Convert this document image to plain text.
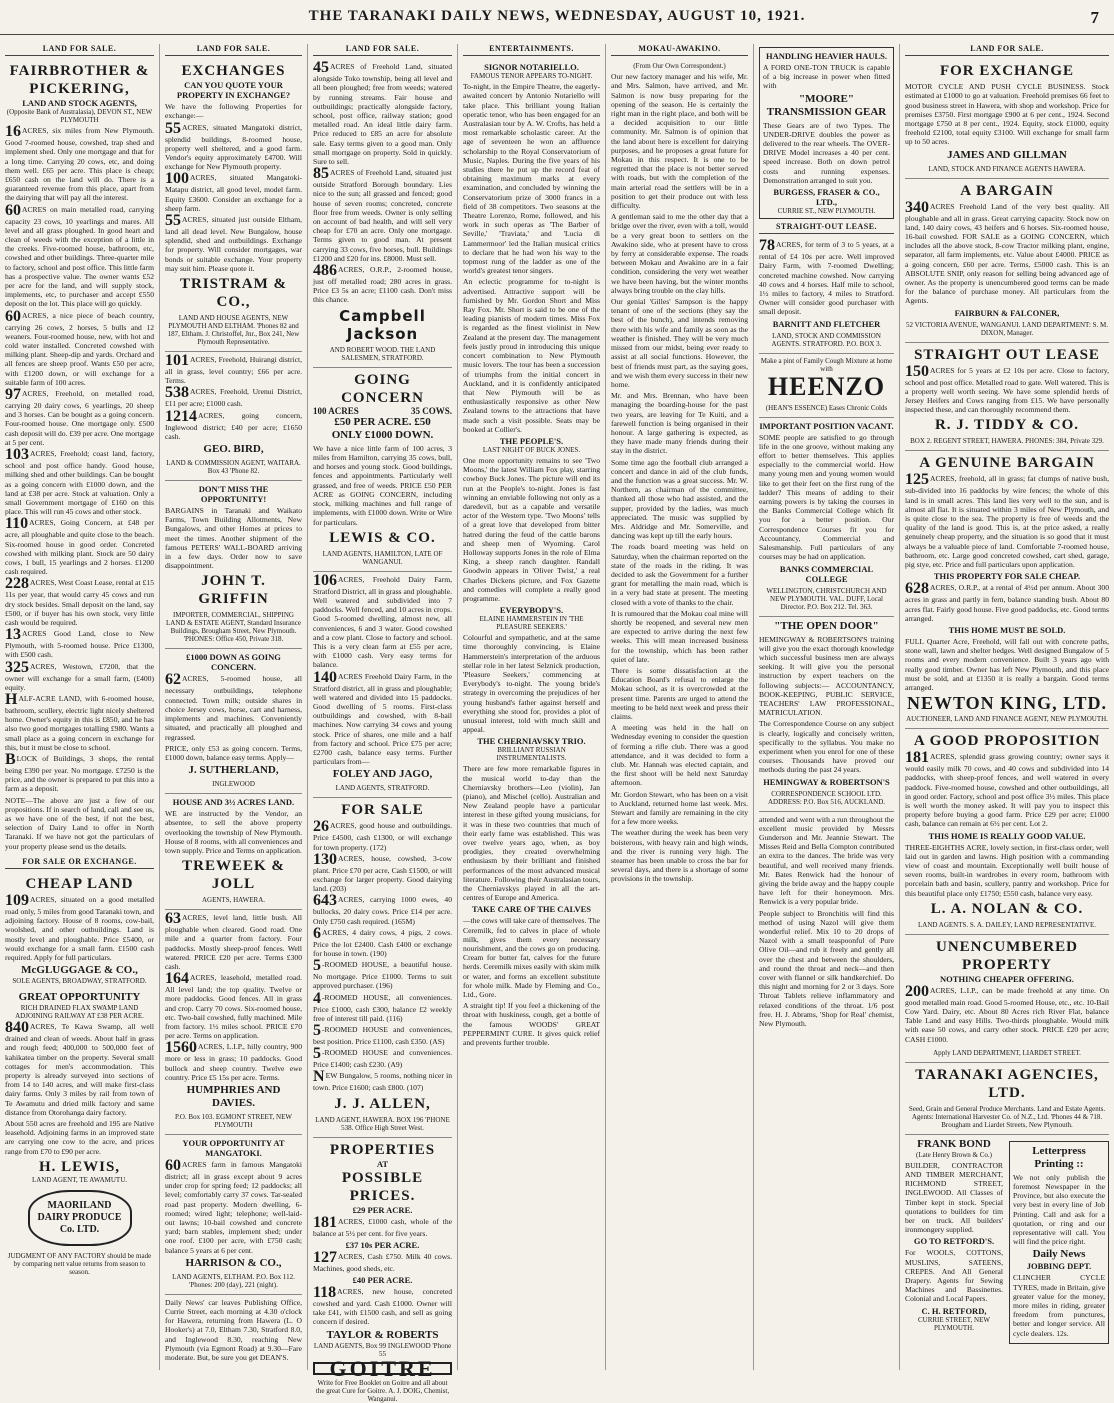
THE TARANAKI DAILY NEWS, WEDNESDAY, AUGUST 10, 1921.	7
LAND FOR SALE.
FAIRBROTHER & PICKERING,
LAND AND STOCK AGENTS,
(Opposite Bank of Australasia), DEVON ST., NEW PLYMOUTH
16ACRES, six miles from New Plymouth. Good 7-roomed house, cowshed, trap shed and implement shed. Only one mortgage and that for a long time. Carrying 20 cows, etc, and doing them well. £65 per acre. This place is cheap; £650 cash on the land will do. There is a guaranteed revenue from this place, apart from the dairying that will pay all the interest.
60ACRES on main metalled road, carrying capacity 23 cows, 10 yearlings and mares. All level and all grass ploughed. In good heart and clean of weeds with the exception of a little in the creeks. Five-roomed house, bathroom, etc, cowshed and other buildings. Three-quarter mile to factory, school and post office. This little farm has a prospective value. The owner wants £52 per acre for the land, and will supply stock, implements, etc, to purchaser and accept £550 deposit on the lot. This place will go quickly.
60ACRES, a nice piece of beach country, carrying 26 cows, 2 horses, 5 bulls and 12 weaners. Four-roomed house, new, with hot and cold water installed. Concreted cowshed with milking plant. Sheep-dip and yards. Orchard and all fences are sheep proof. Wants £50 per acre, with £1200 down, or will exchange for a suitable farm of 100 acres.
97ACRES, Freehold, on metalled road, carrying 20 dairy cows, 6 yearlings, 20 sheep and 3 horses. Can be bought as a going concern. Four-roomed house. One mortgage only. £500 cash deposit will do. £39 per acre. One mortgage at 5 per cent.
103ACRES, Freehold; coast land, factory, school and post office handy. Good house, milking shed and other buildings. Can be bought as a going concern with £1000 down, and the land at £38 per acre. Stock at valuation. Only a small Government mortgage of £160 on this place. This will run 45 cows and other stock.
110ACRES, Going Concern, at £48 per acre, all ploughable and quite close to the beach. Six-roomed house in good order. Concreted cowshed with milking plant. Stock are 50 dairy cows, 1 bull, 15 yearlings and 2 horses. £1200 cash required.
228ACRES, West Coast Lease, rental at £15 11s per year, that would carry 45 cows and run dry stock besides. Small deposit on the land, say £500, or if buyer has his own stock, very little cash would be required.
13ACRES Good Land, close to New Plymouth, with 5-roomed house. Price £1300, with £500 cash.
325ACRES, Westown, £7200, that the owner will exchange for a small farm, (£400) equity.
HALF-ACRE LAND, with 6-roomed house, bathroom, scullery, electric light nicely sheltered home. Owner's equity in this is £850, and he has also two good mortgages totalling £980. Wants a small place as a going concern in exchange for this, but it must be close to school.
BLOCK of Buildings, 3 shops, the rental being £390 per year. No mortgage. £7250 is the price, and the owner is prepared to put this into a farm as a deposit.
NOTE—The above are just a few of our propositions. If in search of land, call and see us, as we have one of the best, if not the best, selection of Dairy Land to offer in North Taranaki. If we have not got the particulars of your property please send us the details.
FOR SALE OR EXCHANGE.
CHEAP LAND
109ACRES, situated on a good metalled road only, 5 miles from good Taranaki town, and adjoining factory. House of 8 rooms, cow-bail, woolshed, and other outbuildings. Land is mostly level and ploughable. Price £5400, or would exchange for a small farm. £1500 cash required. Apply for full particulars.
McGLUGGAGE & CO.,
SOLE AGENTS, BROADWAY, STRATFORD.
GREAT OPPORTUNITY
RICH DRAINED FLAX SWAMP LAND ADJOINING RAILWAY AT £38 PER ACRE.
840ACRES, Te Kawa Swamp, all well drained and clean of weeds. About half in grass and rough feed; 400,000 to 500,000 feet of kahikatea timber on the property. Several small cottages for men's accommodation. This property is already surveyed into sections of from 14 to 140 acres, and will make first-class dairy farms. Only 3 miles by rail from town of Te Awamutu and dried milk factory and same distance from Otorohanga dairy factory.
About 550 acres are freehold and 195 are Native leasehold. Adjoining farms in an improved state are carrying one cow to the acre, and prices range from £70 to £90 per acre.
H. LEWIS,
LAND AGENT, TE AWAMUTU.
MAORILAND DAIRY PRODUCE Co. LTD.
JUDGMENT OF ANY FACTORY should be made by comparing nett value returns from season to season.
LAND FOR SALE.
EXCHANGES
CAN YOU QUOTE YOUR PROPERTY IN EXCHANGE?
We have the following Properties for exchange:—
55ACRES, situated Mangatoki district, splendid buildings, 8-roomed house, property well sheltered, and a good farm. Vendor's equity approximately £4700. Will exchange for New Plymouth property.
100ACRES, situated Mangatoki-Matapu district, all good level, model farm. Equity £3600. Consider an exchange for a sheep farm.
55ACRES, situated just outside Eltham, land all dead level. New Bungalow, house splendid, shed and outbuildings. Exchange for property. Will consider mortgages, war bonds or suitable exchange. Your property may suit him. Please quote it.
TRISTRAM & CO.,
LAND AND HOUSE AGENTS, NEW PLYMOUTH AND ELTHAM. 'Phones 82 and 187, Eltham. J. Christoffel, Jnr., Box 241, New Plymouth Representative.
101ACRES, Freehold, Huirangi district, all in grass, level country; £66 per acre. Terms.
538ACRES, Freehold, Urenui District, £11 per acre; £1000 cash.
1214ACRES, going concern, Inglewood district; £40 per acre; £1650 cash.
GEO. BIRD,
LAND & COMMISSION AGENT, WAITARA. Box 43 'Phone 82.
DON'T MISS THE OPPORTUNITY!
BARGAINS in Taranaki and Waikato Farms, Town Building Allotments, New Bungalows, and other Homes at prices to meet the times. Another shipment of the famous PETERS' WALL-BOARD arriving in a few days. Order now to save disappointment.
JOHN T. GRIFFIN
IMPORTER, COMMERCIAL, SHIPPING LAND & ESTATE AGENT, Standard Insurance Buildings, Brougham Street, New Plymouth. 'PHONES: Office 450, Private 318.
£1000 DOWN AS GOING CONCERN.
62ACRES, 5-roomed house, all necessary outbuildings, telephone connected. Town milk; outside shares in choice Jersey cows, horse, cart and harness, implements and machines. Conveniently situated, and practically all ploughed and regrassed.
PRICE, only £53 as going concern. Terms, £1000 down, balance easy terms. Apply—
J. SUTHERLAND,
INGLEWOOD
HOUSE AND 3½ ACRES LAND.
WE are instructed by the Vendor, an absentee, to sell the above property overlooking the township of New Plymouth. House of 8 rooms, with all conveniences and town supply. Price and Terms on application.
TREWEEK & JOLL
AGENTS, HAWERA.
63ACRES, level land, little bush. All ploughable when cleared. Good road. One mile and a quarter from factory. Four paddocks. Mostly sheep-proof fences. Well watered. PRICE £20 per acre. Terms £300 cash.
164ACRES, leasehold, metalled road. All level land; the top quality. Twelve or more paddocks. Good fences. All in grass and crop. Carry 70 cows. Six-roomed house, etc. Two-bail cowshed, fully machined. Mile from factory. 1½ miles school. PRICE £70 per acre. Terms on application.
1560ACRES, L.I.P., hilly country, 900 more or less in grass; 10 paddocks. Good bullock and sheep country. Twelve ewe country. Price £5 15s per acre. Terms.
HUMPHRIES AND DAVIES.
P.O. Box 103. EGMONT STREET, NEW PLYMOUTH
YOUR OPPORTUNITY AT MANGATOKI.
60ACRES farm in famous Mangatoki district; all in grass except about 9 acres under crop for spring feed; 12 paddocks; all level; comfortably carry 37 cows. Tar-sealed road past property. Modern dwelling, 6-roomed; wired light; telephone; well-laid-out lawns; 10-bail cowshed and concrete yard; barn stables, implement shed; under one roof. £100 per acre, with £750 cash; balance 5 years at 6 per cent.
HARRISON & CO.,
LAND AGENTS, ELTHAM. P.O. Box 112. 'Phones: 200 (day), 221 (night).
Daily News' car leaves Publishing Office, Currie Street, each morning at 4.30 o'clock for Hawera, returning from Hawera (L. O Hooker's) at 7.0, Eltham 7.30, Stratford 8.0, and Inglewood 8.30, reaching New Plymouth (via Egmont Road) at 9.30—Fare moderate. But, be sure you get DEAN'S.
LAND FOR SALE.
45ACRES of Freehold Land, situated alongside Toko township, being all level and all been ploughed; free from weeds; watered by running streams. Fair house and outbuildings; practically alongside factory, school, post office, railway station; good metalled road. An ideal little dairy farm. Price reduced to £85 an acre for absolute sale. Easy terms given to a good man. Only small mortgage on property. Sold in quickly. Sure to sell.
85ACRES of Freehold Land, situated just outside Stratford Borough boundary. Lies nice to the sun; all grassed and fenced; good house of seven rooms; concreted, concrete floor free from weeds. Owner is only selling on account of bad health, and will sell very cheap for £70 an acre. Only one mortgage. Terms given to good man. At present carrying 33 cows, five horses, bull. Buildings £1200 and £20 for ins. £8000. Must sell.
486ACRES, O.R.P., 2-roomed house, just off metalled road; 280 acres in grass. Price £3 5s an acre; £1100 cash. Don't miss this chance.
Campbell Jackson
AND ROBERT WOOD. THE LAND SALESMEN, STRATFORD.
GOING CONCERN
100 ACRES	35 COWS.
£50 PER ACRE. £50
ONLY £1000 DOWN.
We have a nice little farm of 100 acres, 3 miles from Hamilton, carrying 35 cows, bull, and horses and young stock. Good buildings, fences and appointments. Particularly well grassed, and free of weeds. PRICE £50 PER ACRE as GOING CONCERN, including stock, milking machines and full range of implements, with £1000 down. Write or Wire for particulars.
LEWIS & CO.
LAND AGENTS, HAMILTON, LATE OF WANGANUI.
106ACRES, Freehold Dairy Farm, Stratford District, all in grass and ploughable. Well watered and subdivided into 7 paddocks. Well fenced, and 10 acres in crops. Good 5-roomed dwelling, almost new, all conveniences, 6 and 3 water. Good cowshed and a cow plant. Close to factory and school. This is a very clean farm at £55 per acre, with £1000 cash. Very easy terms for balance.
140ACRES Freehold Dairy Farm, in the Stratford district, all in grass and ploughable; well watered and divided into 15 paddocks. Good dwelling of 5 rooms. First-class outbuildings and cowshed, with 8-bail machines. Now carrying 34 cows and young stock. Price of shares, one mile and a half from factory and school. Price £75 per acre; £2700 cash, balance easy terms. Further particulars from—
FOLEY AND JAGO,
LAND AGENTS, STRATFORD.
FOR SALE
26ACRES, good house and outbuildings. Price £4500, cash £1300, or will exchange for town property. (172)
130ACRES, house, cowshed, 3-cow plant. Price £70 per acre, Cash £1500, or will exchange for larger property. Good dairying land. (203)
643ACRES, carrying 1000 ewes, 40 bullocks, 20 dairy cows. Price £14 per acre. Only £750 cash required. (165M)
6ACRES, 4 dairy cows, 4 pigs, 2 cows. Price the lot £2400. Cash £400 or exchange for house in town. (190)
5-ROOMED HOUSE, a beautiful house. No mortgage. Price £1000. Terms to suit approved purchaser. (196)
4-ROOMED HOUSE, all conveniences. Price £1000, cash £300, balance £2 weekly free of interest till paid. (116)
5-ROOMED HOUSE and conveniences, best position. Price £1100, cash £350. (AS)
5-ROOMED HOUSE and conveniences. Price £1400; cash £230. (A9)
NEW Bungalow, 5 rooms, nothing nicer in town. Price £1600; cash £800. (107)
J. J. ALLEN,
LAND AGENT, HAWERA. BOX 196 'PHONE 538. Office High Street West.
PROPERTIES
AT
POSSIBLE PRICES.
£29 PER ACRE.
181ACRES, £1000 cash, whole of the balance at 5½ per cent. for five years.
£37 10s PER ACRE.
127ACRES, Cash £750. Milk 40 cows. Machines, good sheds, etc.
£40 PER ACRE.
118ACRES, new house, concreted cowshed and yard. Cash £1000. Owner will take £41, with £1500 cash, and sell as going concern if desired.
TAYLOR & ROBERTS
LAND AGENTS, Box 99 INGLEWOOD 'Phone 55
GOITRE
Write for Free Booklet on Goitre and all about the great Cure for Goitre. A. J. DOIG, Chemist, Wanganui.
ENTERTAINMENTS.
SIGNOR NOTARIELLO.
FAMOUS TENOR APPEARS TO-NIGHT.
To-night, in the Empire Theatre, the eagerly-awaited concert by Antonio Notariello will take place. This brilliant young Italian operatic tenor, who has been engaged for an Australasian tour by A. W. Crofts, has held a most remarkable scholastic career. At the age of seventeen he won an affluence scholarship to the Royal Conservatorium of Music, Naples. During the five years of his studies there he put up the record feat of obtaining maximum marks at every examination, and concluded by winning the Conservatorium prize of 3000 francs in a field of 38 competitors. Two seasons at the Theatre Lorenzo, Rome, followed, and his work in such operas as 'The Barber of Seville,' 'Traviata,' and 'Lucia di Lammermoor' led the Italian musical critics to declare that he had won his way to the topmost rung of the ladder as one of the world's greatest tenor singers.
An eclectic programme for to-night is advertised. Attractive support will be furnished by Mr. Gordon Short and Miss Ray Fox. Mr. Short is said to be one of the leading pianists of modern times. Miss Fox is regarded as the finest violinist in New Zealand at the present day. The management feels justly proud in introducing this unique concert combination to New Plymouth music lovers. The tour has been a succession of triumphs from the initial concert in Auckland, and it is confidently anticipated that New Plymouth will be as enthusiastically responsive as other New Zealand towns to the attractions that have made such a visit possible. Seats may be booked at Collier's.
THE PEOPLE'S.
LAST NIGHT OF BUCK JONES.
One more opportunity remains to see 'Two Moons,' the latest William Fox play, starring cowboy Buck Jones. The picture will end its run at the People's to-night. Jones is fast winning an enviable following not only as a daredevil, but as a capable and versatile actor of the Western type. 'Two Moons' tells of a great love that developed from bitter hatred during the feud of the cattle barons and sheep men of Wyoming. Carol Holloway supports Jones in the role of Elma King, a sheep ranch daughter. Randall Goodwin appears in 'Oliver Twist,' a real Charles Dickens picture, and Fox Gazette and comedies will complete a really good programme.
EVERYBODY'S.
ELAINE HAMMERSTEIN IN 'THE PLEASURE SEEKERS.'
Colourful and sympathetic, and at the same time thoroughly convincing, is Elaine Hammerstein's interpretation of the arduous stellar role in her latest Selznick production, 'Pleasure Seekers,' commencing at Everybody's to-night. The young bride's strategy in overcoming the prejudices of her young husband's father against herself and everything she stood for, provides a plot of unusual interest, told with much skill and appeal.
THE CHERNIAVSKY TRIO.
BRILLIANT RUSSIAN INSTRUMENTALISTS.
There are few more remarkable figures in the musical world to-day than the Cherniavsky brothers—Leo (violin), Jan (piano), and Mischel (cello). Australian and New Zealand people have a particular interest in these gifted young musicians, for it was in these two countries that much of their early fame was established. This was over twelve years ago, when, as boy prodigies, they created overwhelming enthusiasm by their brilliant and finished performances of the most advanced musical literature. Following their Australasian tours, the Cherniavskys played in all the art-centres of Europe and America.
TAKE CARE OF THE CALVES
—the cows will take care of themselves. The Ceremilk, fed to calves in place of whole milk, gives them every necessary nourishment, and the cows go on producing. Cream for butter fat, calves for the future herds. Ceremilk mixes easily with skim milk or water, and forms an excellent substitute for whole milk. Made by Fleming and Co., Ltd., Gore.
A straight tip! If you feel a thickening of the throat with huskiness, cough, get a bottle of the famous WOODS' GREAT PEPPERMINT CURE. It gives quick relief and prevents further trouble.
MOKAU-AWAKINO.
(From Our Own Correspondent.)
Our new factory manager and his wife, Mr. and Mrs. Salmon, have arrived, and Mr. Salmon is now busy preparing for the opening of the season. He is certainly the right man in the right place, and both will be a decided acquisition to our little community. Mr. Salmon is of opinion that the land about here is excellent for dairying purposes, and he proposes a great future for Mokau in this respect. It is one to be regretted that the place is not better served with roads, but with the completion of the main arterial road the settlers will be in a position to get their produce out with less difficulty.
A gentleman said to me the other day that a bridge over the river, even with a toll, would be a very great boon to settlers on the Awakino side, who at present have to cross by ferry at considerable expense. The roads between Mokau and Awakino are in a fair condition, considering the very wet weather we have been having, but the winter months always bring trouble on the clay hills.
Our genial 'Gilles' Sampson is the happy tenant of one of the sections (they say the best of the bunch), and intends removing there with his wife and family as soon as the weather is finished. They will be very much missed from our midst, being ever ready to assist at all social functions. However, the best of friends must part, as the saying goes, and we wish them every success in their new home.
Mr. and Mrs. Brennan, who have been managing the boarding-house for the past two years, are leaving for Te Kuiti, and a farewell function is being organised in their honour. A large gathering is expected, as they have made many friends during their stay in the district.
Some time ago the football club arranged a concert and dance in aid of the club funds, and the function was a great success. Mr. W. Northern, as chairman of the committee, thanked all those who had assisted, and the supper, provided by the ladies, was much appreciated. The music was supplied by Mrs. Aldridge and Mr. Somerville, and dancing was kept up till the early hours.
The roads board meeting was held on Saturday, when the chairman reported on the state of the roads in the riding. It was decided to ask the Government for a further grant for metalling the main road, which is in a very bad state at present. The meeting closed with a vote of thanks to the chair.
It is rumoured that the Mokau coal mine will shortly be reopened, and several new men are expected to arrive during the next few weeks. This will mean increased business for the township, which has been rather quiet of late.
There is some dissatisfaction at the Education Board's refusal to enlarge the Mokau school, as it is overcrowded at the present time. Parents are urged to attend the meeting to be held next week and press their claims.
A meeting was held in the hall on Wednesday evening to consider the question of forming a rifle club. There was a good attendance, and it was decided to form a club. Mr. Hannah was elected captain, and the first shoot will be held next Saturday afternoon.
Mr. Gordon Stewart, who has been on a visit to Auckland, returned home last week. Mrs. Stewart and family are remaining in the city for a few more weeks.
The weather during the week has been very boisterous, with heavy rain and high winds, and the river is running very high. The steamer has been unable to cross the bar for several days, and there is a shortage of some provisions in the township.
HANDLING HEAVIER HAULS.
A FORD ONE-TON TRUCK is capable of a big increase in power when fitted with
"MOORE"
TRANSMISSION GEAR
These Gears are of two Types. The UNDER-DRIVE doubles the power as delivered to the rear wheels. The OVER-DRIVE Model increases a 40 per cent. speed increase. Both on down petrol costs and running expenses. Demonstration arranged to suit you.
BURGESS, FRASER & CO., LTD.,
CURRIE ST., NEW PLYMOUTH.
STRAIGHT-OUT LEASE.
78ACRES, for term of 3 to 5 years, at a rental of £4 10s per acre. Well improved Dairy Farm, with 7-roomed Dwelling; concreted machine cowshed. Now carrying 40 cows and 4 horses. Half mile to school, 1½ miles to factory, 4 miles to Stratford. Owner will consider good purchaser with small deposit.
BARNITT AND FLETCHER
LAND, STOCK AND COMMISSION AGENTS. STRATFORD. P.O. BOX 3.
Make a pint of Family Cough Mixture at home with
HEENZO
(HEAN'S ESSENCE) Eases Chronic Colds
IMPORTANT POSITION VACANT.
SOME people are satisfied to go through life in the one groove, without making any effort to better themselves. This applies especially to the commercial world. How many young men and young women would like to get their feet on the first rung of the ladder? This means of adding to their earning powers is by taking the courses in the Banks Commercial College which fit you for a better position. Our Correspondence Courses fit you for Accountancy, Commercial and Salesmanship. Full particulars of any courses may be had on application.
BANKS COMMERCIAL COLLEGE
WELLINGTON, CHRISTCHURCH AND NEW PLYMOUTH. VAL. DUFF, Local Director. P.O. Box 212. Tel. 363.
"THE OPEN DOOR"
HEMINGWAY & ROBERTSON'S training will give you the exact thorough knowledge which successful business men are always seeking. It will give you the personal instruction by expert teachers on the following subjects:— ACCOUNTANCY, BOOK-KEEPING, PUBLIC SERVICE, TEACHERS' LAW PROFESSIONAL, MATRICULATION.
The Correspondence Course on any subject is clearly, logically and concisely written, specifically to the syllabus. You make no experiment when you enrol for one of these courses. Thousands have proved our methods during the past 24 years.
HEMINGWAY & ROBERTSON'S
CORRESPONDENCE SCHOOL LTD. ADDRESS: P.O. Box 516, AUCKLAND.
attended and went with a run throughout the excellent music provided by Messrs Gunderson and Mr. Jeannie Stewart. The Misses Reid and Bella Compton contributed an extra to the dances. The bride was very beautiful, and well received many friends. Mr. Bates Renwick had the honour of giving the bride away and the happy couple have left for their honeymoon. Mrs. Renwick is a very popular bride.
People subject to Bronchitis will find this method of using Nazol will give them wonderful relief. Mix 10 to 20 drops of Nazol with a small teaspoonful of Pure Olive Oil—and rub it freely and gently all over the chest and between the shoulders, and round the throat and neck—and then cover with flannel or silk handkerchief. Do this night and morning for 2 or 3 days. Sore Throat Tablets relieve inflammatory and relaxed conditions of the throat. 1/6 post free. H. J. Abrams, 'Shop for Real' chemist, New Plymouth.
LAND FOR SALE.
FOR EXCHANGE
MOTOR CYCLE AND PUSH CYCLE BUSINESS. Stock estimated at £1000 to go at valuation. Freehold premises 66 feet to good business street in Hawera, with shop and workshop. Price for premises £3750. First mortgage £900 at 6 per cent., 1924. Second mortgage £750 at 8 per cent., 1924. Equity, stock £1000, equity freehold £2100, total equity £3100. Will exchange for small farm up to 50 acres.
JAMES AND GILLMAN
LAND, STOCK AND FINANCE AGENTS HAWERA.
A BARGAIN
340ACRES Freehold Land of the very best quality. All ploughable and all in grass. Great carrying capacity. Stock now on land, 140 dairy cows, 43 heifers and 6 horses. Six-roomed house, 16-bail cowshed. FOR SALE as a GOING CONCERN, which includes all the above stock, 8-cow Tractor milking plant, engine, separator, all farm implements, etc. Value about £4000. PRICE as a going concern, £60 per acre. Terms, £5000 cash. This is an ABSOLUTE SNIP, only reason for selling being advanced age of owner. As the property is unencumbered good terms can be made for the balance of purchase money. All particulars from the Agents.
FAIRBURN & FALCONER,
52 VICTORIA AVENUE, WANGANUI. LAND DEPARTMENT: S. M. DIXON, Manager.
STRAIGHT OUT LEASE
150ACRES for 5 years at £2 10s per acre. Close to factory, school and post office. Metalled road to gate. Well watered. This is a property well worth seeing. We have some splendid herds of Jersey Heifers and Cows ranging from £15. We have personally inspected these, and can thoroughly recommend them.
R. J. TIDDY & CO.
BOX 2. REGENT STREET, HAWERA. PHONES: 384, Private 329.
A GENUINE BARGAIN
125ACRES, freehold, all in grass; fat clumps of native bush, sub-divided into 16 paddocks by wire fences; the whole of this land is in small acres. This land lies very well to the sun, and is almost all flat. It is situated within 3 miles of New Plymouth, and is quite close to the sea. The property is free of weeds and the quality of the land is good. This is, at the price asked, a really genuinely cheap property, and the situation is so good that it must always be a valuable piece of land. Comfortable 7-roomed house, bathroom, etc. Large good concreted cowshed, cart shed, garage, pig stye, etc. Price and full particulars upon application.
THIS PROPERTY FOR SALE CHEAP.
628ACRES, O.R.P., at a rental of 4½d per annum. About 300 acres in grass and partly in fern, balance standing bush. About 80 acres flat. Fairly good house. Five good paddocks, etc. Good terms arranged.
THIS HOME MUST BE SOLD.
FULL Quarter Acre, Freehold, will fall out with concrete paths, stone wall, lawn and shelter hedges. Well designed Bungalow of 5 rooms and every modern convenience. Built 3 years ago with really good timber. Owner has left New Plymouth, and this place must be sold, and at £1350 it is really a bargain. Good terms arranged.
NEWTON KING, LTD.
AUCTIONEER, LAND AND FINANCE AGENT, NEW PLYMOUTH.
A GOOD PROPOSITION
181ACRES, splendid grass growing country; owner says it would easily milk 70 cows, and 40 cows and subdivided into 14 paddocks, with sheep-proof fences, and well watered in every paddock. Five-roomed house, cowshed and other outbuildings, all in good order. Factory, school and post office 3½ miles. This place is well worth the money asked. It will pay you to inspect this property before buying a good farm. Price £29 per acre; £1000 cash, balance can remain at 6½ per cent. Lot 2.
THIS HOME IS REALLY GOOD VALUE.
THREE-EIGHTHS ACRE, lovely section, in first-class order, well laid out in garden and lawns. High position with a commanding view of coast and mountain. Exceptionally well built house of seven rooms, built-in wardrobes in every room, bathroom with porcelain bath and basin, scullery, pantry and workshop. Price for this beautiful place only £1750; £550 cash, balance very easy.
L. A. NOLAN & CO.
LAND AGENTS. S. A. DAILEY, LAND REPRESENTATIVE.
UNENCUMBERED PROPERTY
NOTHING CHEAPER OFFERING.
200ACRES, L.I.P., can be made freehold at any time. On good metalled main road. Good 5-roomed House, etc., etc. 10-Bail Cow Yard. Dairy, etc. About 80 Acres rich River Flat, balance Table Land and easy Hills. Two-thirds ploughable. Would milk with ease 50 cows, and carry other stock. PRICE £20 per acre; CASH £1000.
Apply LAND DEPARTMENT, LIARDET STREET.
TARANAKI AGENCIES, LTD.
Seed, Grain and General Produce Merchants. Land and Estate Agents. Agents: International Harvester Co. of N.Z., Ltd. 'Phones 44 & 718. Brougham and Liardet Streets, New Plymouth.
FRANK BOND
(Late Henry Brown & Co.)
BUILDER, CONTRACTOR AND TIMBER MERCHANT, RICHMOND STREET, INGLEWOOD. All Classes of Timber kept in stock. Special quotations to builders for tim ber on truck. All builders' ironmongery supplied.
GO TO RETFORD'S.
For WOOLS, COTTONS, MUSLINS, SATEENS, CREPES. And All General Drapery. Agents for Sewing Machines and Bassinettes. Colonial and Local Papers.
C. H. RETFORD,
CURRIE STREET, NEW PLYMOUTH.
Letterpress Printing ::
We not only publish the foremost Newspaper in the Province, but also execute the very best in every line of Job Printing. Call and ask for a quotation, or ring and our representative will call. You will find the price right.
Daily News
JOBBING DEPT.
CLINCHER CYCLE TYRES, made in Britain, give greater value for the money, more miles in riding, greater freedom from punctures, better and longer service. All cycle dealers. 12s.
